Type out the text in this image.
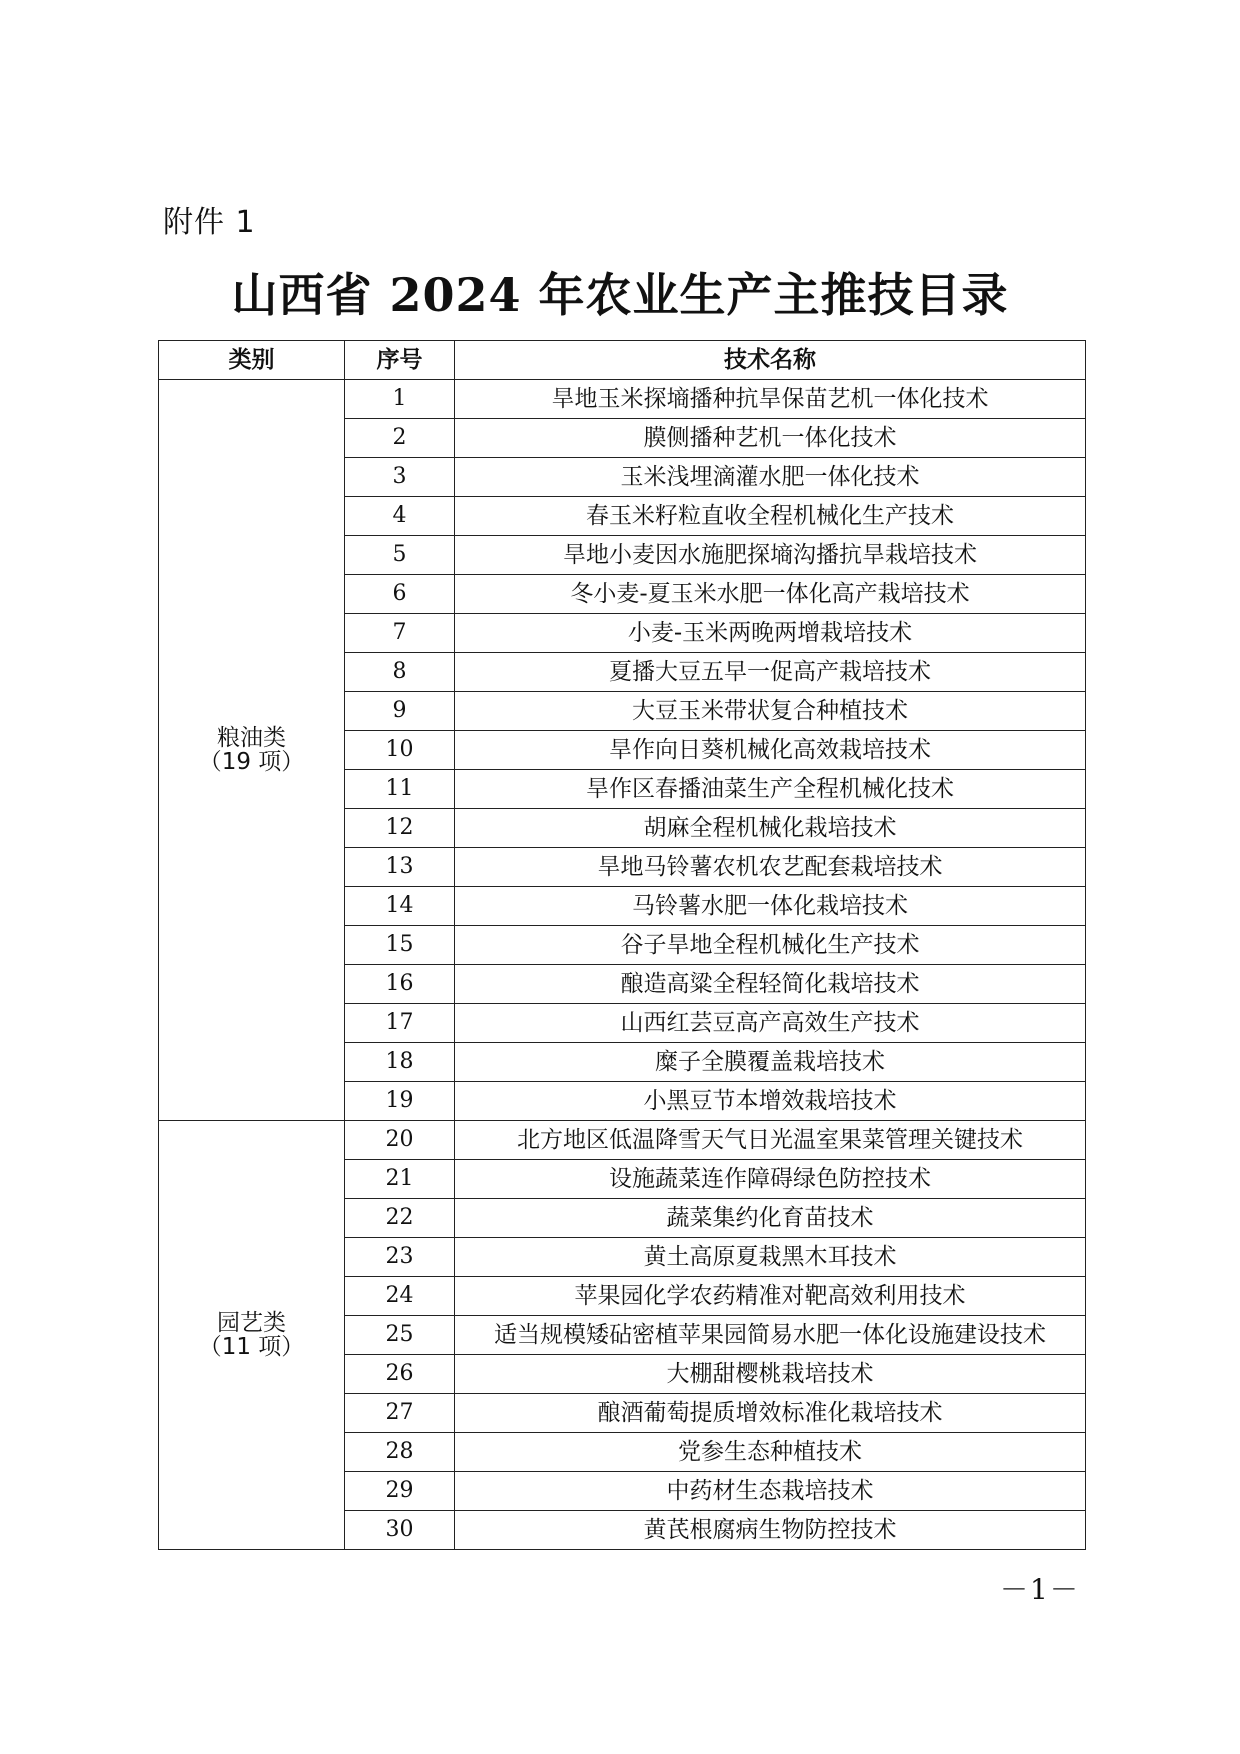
附件 1
山西省 2024 年农业生产主推技目录
类别	序号	技术名称

粮油类
（19 项）	1	旱地玉米探墒播种抗旱保苗艺机一体化技术
	2	膜侧播种艺机一体化技术
	3	玉米浅埋滴灌水肥一体化技术
	4	春玉米籽粒直收全程机械化生产技术
	5	旱地小麦因水施肥探墒沟播抗旱栽培技术
	6	冬小麦-夏玉米水肥一体化高产栽培技术
	7	小麦-玉米两晚两增栽培技术
	8	夏播大豆五早一促高产栽培技术
	9	大豆玉米带状复合种植技术
	10	旱作向日葵机械化高效栽培技术
	11	旱作区春播油菜生产全程机械化技术
	12	胡麻全程机械化栽培技术
	13	旱地马铃薯农机农艺配套栽培技术
	14	马铃薯水肥一体化栽培技术
	15	谷子旱地全程机械化生产技术
	16	酿造高粱全程轻简化栽培技术
	17	山西红芸豆高产高效生产技术
	18	糜子全膜覆盖栽培技术
	19	小黑豆节本增效栽培技术

园艺类
（11 项）	20	北方地区低温降雪天气日光温室果菜管理关键技术
	21	设施蔬菜连作障碍绿色防控技术
	22	蔬菜集约化育苗技术
	23	黄土高原夏栽黑木耳技术
	24	苹果园化学农药精准对靶高效利用技术
	25	适当规模矮砧密植苹果园简易水肥一体化设施建设技术
	26	大棚甜樱桃栽培技术
	27	酿酒葡萄提质增效标准化栽培技术
	28	党参生态种植技术
	29	中药材生态栽培技术
	30	黄芪根腐病生物防控技术
－1－
